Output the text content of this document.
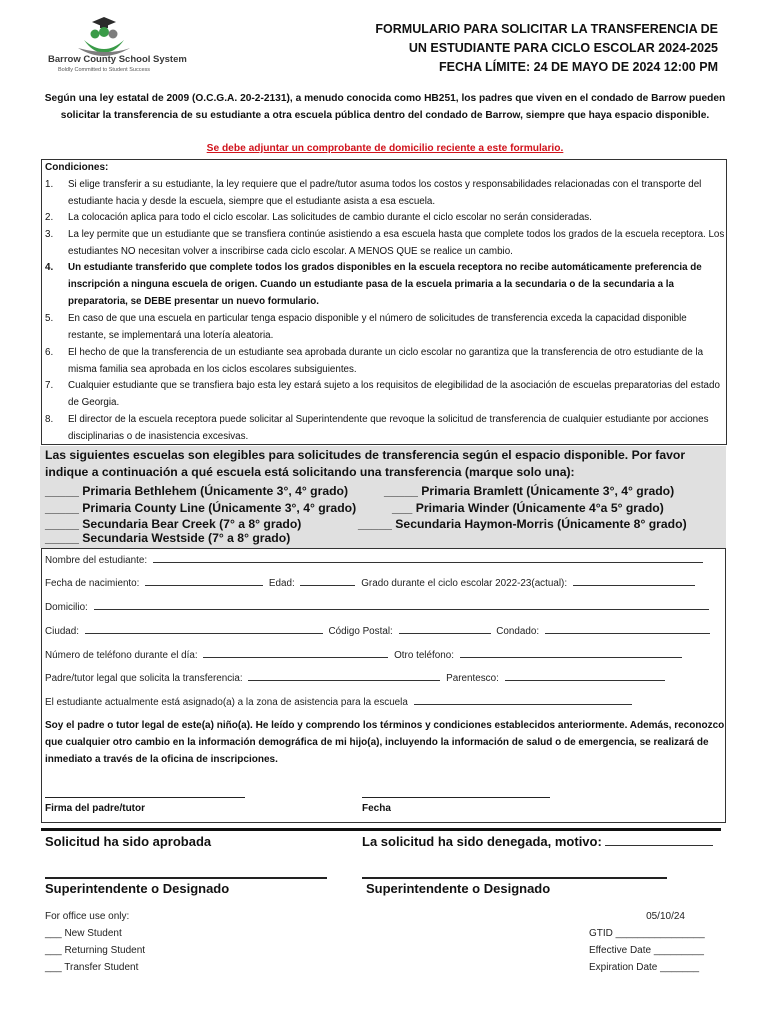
Barrow County School System
Boldly Committed to Student Success
FORMULARIO PARA SOLICITAR LA TRANSFERENCIA DE
UN ESTUDIANTE PARA CICLO ESCOLAR 2024-2025
FECHA LÍMITE: 24 DE MAYO DE 2024 12:00 PM
Según una ley estatal de 2009 (O.C.G.A. 20-2-2131), a menudo conocida como HB251, los padres que viven en el condado de Barrow pueden solicitar la transferencia de su estudiante a otra escuela pública dentro del condado de Barrow, siempre que haya espacio disponible.
Se debe adjuntar un comprobante de domicilio reciente a este formulario.
Condiciones:
1. Si elige transferir a su estudiante, la ley requiere que el padre/tutor asuma todos los costos y responsabilidades relacionadas con el transporte del estudiante hacia y desde la escuela, siempre que el estudiante asista a esa escuela.
2. La colocación aplica para todo el ciclo escolar. Las solicitudes de cambio durante el ciclo escolar no serán consideradas.
3. La ley permite que un estudiante que se transfiera continúe asistiendo a esa escuela hasta que complete todos los grados de la escuela receptora. Los estudiantes NO necesitan volver a inscribirse cada ciclo escolar. A MENOS QUE se realice un cambio.
4. Un estudiante transferido que complete todos los grados disponibles en la escuela receptora no recibe automáticamente preferencia de inscripción a ninguna escuela de origen. Cuando un estudiante pasa de la escuela primaria a la secundaria o de la secundaria a la preparatoria, se DEBE presentar un nuevo formulario.
5. En caso de que una escuela en particular tenga espacio disponible y el número de solicitudes de transferencia exceda la capacidad disponible restante, se implementará una lotería aleatoria.
6. El hecho de que la transferencia de un estudiante sea aprobada durante un ciclo escolar no garantiza que la transferencia de otro estudiante de la misma familia sea aprobada en los ciclos escolares subsiguientes.
7. Cualquier estudiante que se transfiera bajo esta ley estará sujeto a los requisitos de elegibilidad de la asociación de escuelas preparatorias del estado de Georgia.
8. El director de la escuela receptora puede solicitar al Superintendente que revoque la solicitud de transferencia de cualquier estudiante por acciones disciplinarias o de inasistencia excesivas.
Las siguientes escuelas son elegibles para solicitudes de transferencia según el espacio disponible. Por favor indique a continuación a qué escuela está solicitando una transferencia (marque solo una):
_____ Primaria Bethlehem (Únicamente 3°, 4° grado)	_____ Primaria Bramlett (Únicamente 3°, 4° grado)
_____ Primaria County Line (Únicamente 3°, 4° grado)	___ Primaria Winder (Únicamente 4°a 5° grado)
_____ Secundaria Bear Creek (7° a 8° grado)	_____ Secundaria Haymon-Morris (Únicamente 8° grado)
_____ Secundaria Westside (7° a 8° grado)
Nombre del estudiante:
Fecha de nacimiento:	Edad:	Grado durante el ciclo escolar 2022-23(actual):
Domicilio:
Ciudad:	Código Postal:	Condado:
Número de teléfono durante el día:	Otro teléfono:
Padre/tutor legal que solicita la transferencia:	Parentesco:
El estudiante actualmente está asignado(a) a la zona de asistencia para la escuela
Soy el padre o tutor legal de este(a) niño(a). He leído y comprendo los términos y condiciones establecidos anteriormente. Además, reconozco que cualquier otro cambio en la información demográfica de mi hijo(a), incluyendo la información de salud o de emergencia, se realizará de inmediato a través de la oficina de inscripciones.
Firma del padre/tutor	Fecha
Solicitud ha sido aprobada	La solicitud ha sido denegada, motivo:
Superintendente o Designado	Superintendente o Designado
For office use only:
___ New Student
___ Returning Student
___ Transfer Student
05/10/24
GTID ________________
Effective Date _________
Expiration Date _______
